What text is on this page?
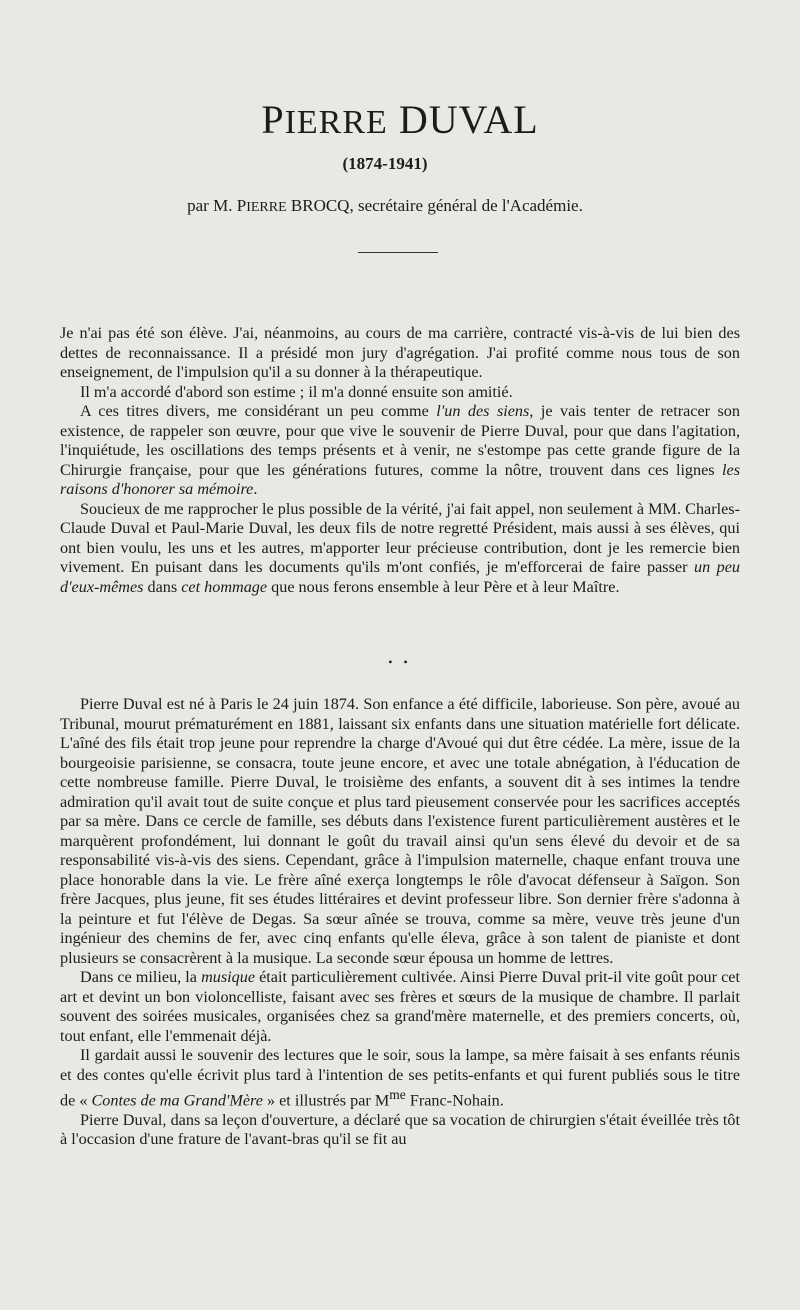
PIERRE DUVAL
(1874-1941)
par M. PIERRE BROCQ, secrétaire général de l'Académie.

Je n'ai pas été son élève. J'ai, néanmoins, au cours de ma carrière, contracté vis-à-vis de lui bien des dettes de reconnaissance. Il a présidé mon jury d'agrégation. J'ai profité comme nous tous de son enseignement, de l'impulsion qu'il a su donner à la thérapeutique.

Il m'a accordé d'abord son estime ; il m'a donné ensuite son amitié.

A ces titres divers, me considérant un peu comme l'un des siens, je vais tenter de retracer son existence, de rappeler son œuvre, pour que vive le souvenir de Pierre Duval, pour que dans l'agitation, l'inquiétude, les oscillations des temps présents et à venir, ne s'estompe pas cette grande figure de la Chirurgie française, pour que les générations futures, comme la nôtre, trouvent dans ces lignes les raisons d'honorer sa mémoire.

Soucieux de me rapprocher le plus possible de la vérité, j'ai fait appel, non seulement à MM. Charles-Claude Duval et Paul-Marie Duval, les deux fils de notre regretté Président, mais aussi à ses élèves, qui ont bien voulu, les uns et les autres, m'apporter leur précieuse contribution, dont je les remercie bien vivement. En puisant dans les documents qu'ils m'ont confiés, je m'efforcerai de faire passer un peu d'eux-mêmes dans cet hommage que nous ferons ensemble à leur Père et à leur Maître.

• •

Pierre Duval est né à Paris le 24 juin 1874. Son enfance a été difficile, laborieuse. Son père, avoué au Tribunal, mourut prématurément en 1881, laissant six enfants dans une situation matérielle fort délicate. L'aîné des fils était trop jeune pour reprendre la charge d'Avoué qui dut être cédée. La mère, issue de la bourgeoisie parisienne, se consacra, toute jeune encore, et avec une totale abnégation, à l'éducation de cette nombreuse famille. Pierre Duval, le troisième des enfants, a souvent dit à ses intimes la tendre admiration qu'il avait tout de suite conçue et plus tard pieusement conservée pour les sacrifices acceptés par sa mère. Dans ce cercle de famille, ses débuts dans l'existence furent particulièrement austères et le marquèrent profondément, lui donnant le goût du travail ainsi qu'un sens élevé du devoir et de sa responsabilité vis-à-vis des siens. Cependant, grâce à l'impulsion maternelle, chaque enfant trouva une place honorable dans la vie. Le frère aîné exerça longtemps le rôle d'avocat défenseur à Saïgon. Son frère Jacques, plus jeune, fit ses études littéraires et devint professeur libre. Son dernier frère s'adonna à la peinture et fut l'élève de Degas. Sa sœur aînée se trouva, comme sa mère, veuve très jeune d'un ingénieur des chemins de fer, avec cinq enfants qu'elle éleva, grâce à son talent de pianiste et dont plusieurs se consacrèrent à la musique. La seconde sœur épousa un homme de lettres.

Dans ce milieu, la musique était particulièrement cultivée. Ainsi Pierre Duval prit-il vite goût pour cet art et devint un bon violoncelliste, faisant avec ses frères et sœurs de la musique de chambre. Il parlait souvent des soirées musicales, organisées chez sa grand'mère maternelle, et des premiers concerts, où, tout enfant, elle l'emmenait déjà.

Il gardait aussi le souvenir des lectures que le soir, sous la lampe, sa mère faisait à ses enfants réunis et des contes qu'elle écrivit plus tard à l'intention de ses petits-enfants et qui furent publiés sous le titre de « Contes de ma Grand'Mère » et illustrés par $M^{me}$ Franc-Nohain.

Pierre Duval, dans sa leçon d'ouverture, a déclaré que sa vocation de chirurgien s'était éveillée très tôt à l'occasion d'une frature de l'avant-bras qu'il se fit au
